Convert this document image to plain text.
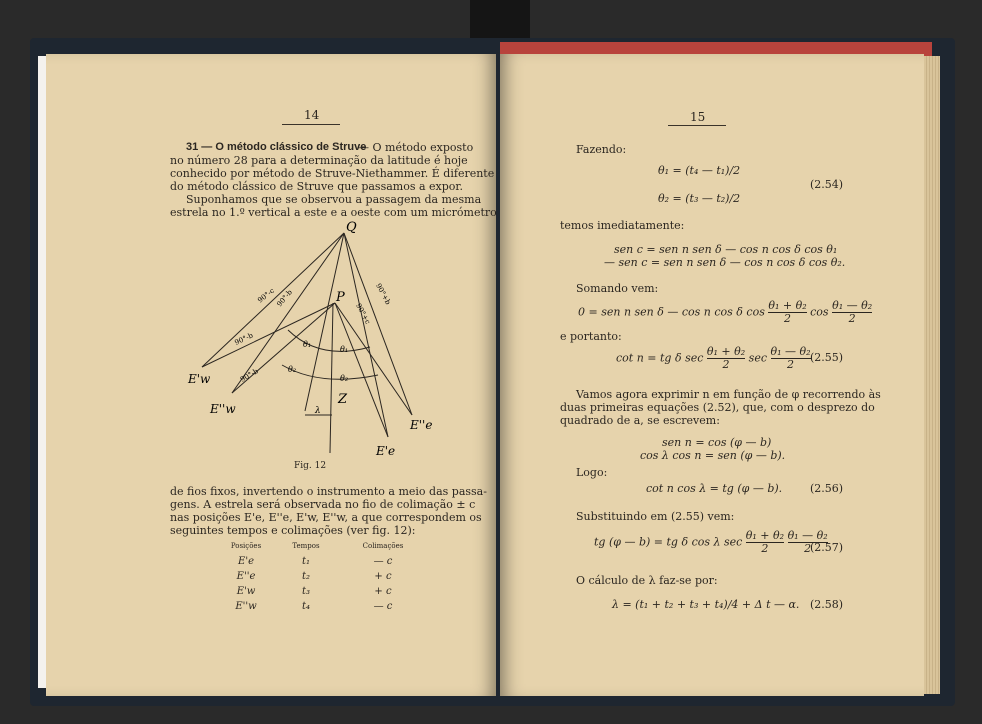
14
31 — O método clássico de Struve
— O método exposto
no número 28 para a determinação da latitude é hoje
conhecido por método de Struve-Niethammer. É diferente
do método clássico de Struve que passamos a expor.
Suponhamos que se observou a passagem da mesma
estrela no 1.º vertical a este e a oeste com um micrómetro
Q
P
Z
λ
θ₁
θ₂
θ₁
θ₂
90°-c 90°-b
90°-b
90°-b
90°+c
90°+b
E'w
E''w
E'e
E''e
Fig. 12
de fios fixos, invertendo o instrumento a meio das passa-
gens. A estrela será observada no fio de colimação ± c
nas posições E'e, E''e, E'w, E''w, a que correspondem os
seguintes tempos e colimações (ver fig. 12):
Posições	Tempos	Colimações
E'e	t₁	— c
E''e	t₂	+ c
E'w	t₃	+ c
E''w	t₄	— c
15
Fazendo:
θ₁ = (t₄ — t₁)/2
θ₂ = (t₃ — t₂)/2
(2.54)
temos imediatamente:
sen c = sen n sen δ — cos n cos δ cos θ₁
— sen c = sen n sen δ — cos n cos δ cos θ₂.
Somando vem:
0 = sen n sen δ — cos n cos δ $\cos \frac{\text{θ₁ + θ₂}}{2}$ $\cos \frac{\text{θ₁ — θ₂}}{2}$
e portanto:
cot n = tg δ $\sec \frac{\text{θ₁ + θ₂}}{2}$ $\sec \frac{\text{θ₁ — θ₂}}{2} (2.55)$
Vamos agora exprimir n em função de φ recorrendo às
duas primeiras equações (2.52), que, com o desprezo do
quadrado de a, se escrevem:
sen n = cos (φ — b)
cos λ cos n = sen (φ — b).
Logo:
cot n cos λ = tg (φ — b).	(2.56)
Substituindo em (2.55) vem:
tg (φ — b) = tg δ cos λ $\sec \frac{\text{θ₁ + θ₂}}{2}$
$\frac{\text{θ₁ — θ₂}}{2}$
(2.57)
O cálculo de λ faz-se por:
λ = (t₁ + t₂ + t₃ + t₄)/4 + Δ t — α. (2.58)
